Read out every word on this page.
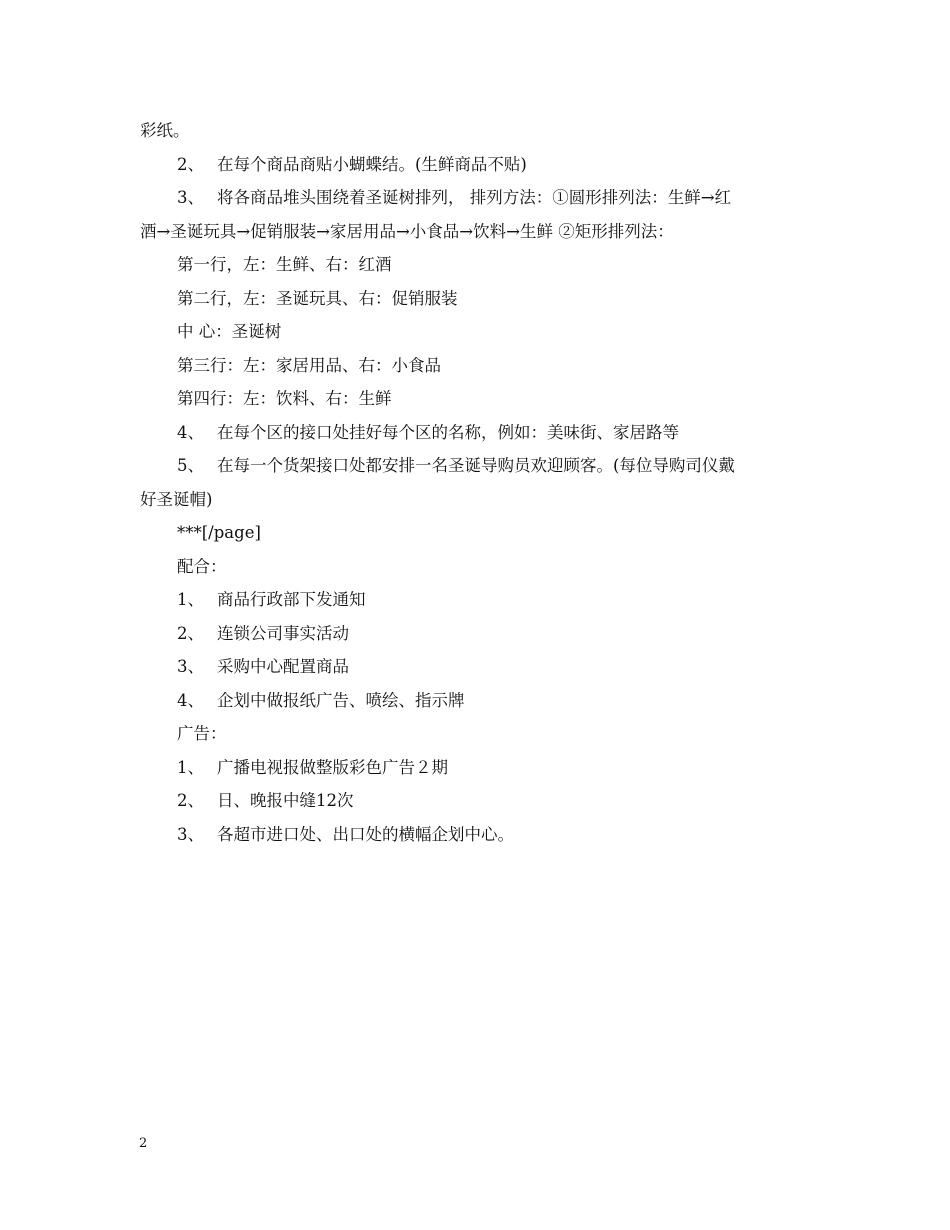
彩纸。
2、 在每个商品商贴小蝴蝶结。(生鲜商品不贴)
3、 将各商品堆头围绕着圣诞树排列， 排列方法：①圆形排列法：生鲜→红
酒→圣诞玩具→促销服装→家居用品→小食品→饮料→生鲜 ②矩形排列法：
第一行，左：生鲜、右：红酒
第二行，左：圣诞玩具、右：促销服装
中 心：圣诞树
第三行：左：家居用品、右：小食品
第四行：左：饮料、右：生鲜
4、 在每个区的接口处挂好每个区的名称，例如：美味街、家居路等
5、 在每一个货架接口处都安排一名圣诞导购员欢迎顾客。(每位导购司仪戴
好圣诞帽)
***[/page]
配合：
1、 商品行政部下发通知
2、 连锁公司事实活动
3、 采购中心配置商品
4、 企划中做报纸广告、喷绘、指示牌
广告：
1、 广播电视报做整版彩色广告２期
2、 日、晚报中缝12次
3、 各超市进口处、出口处的横幅企划中心。
2
